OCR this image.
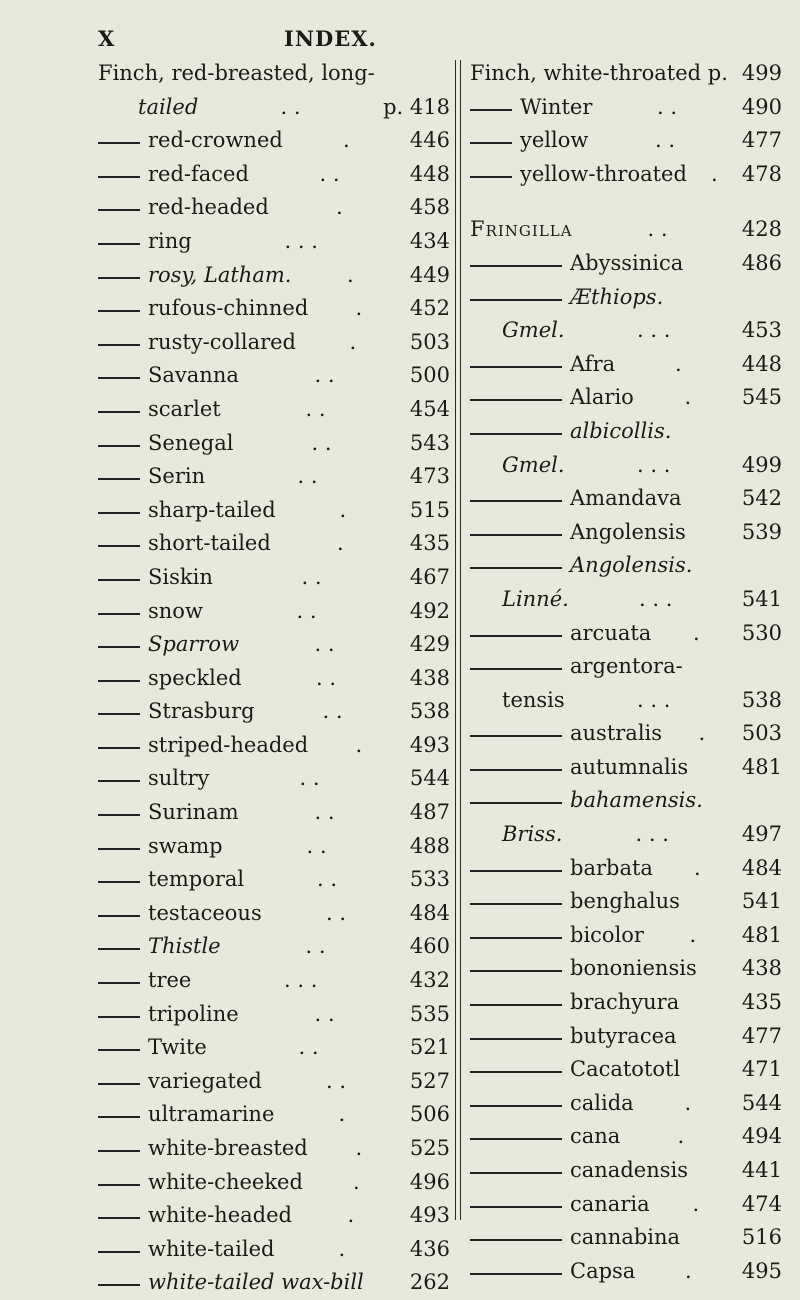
X	INDEX.
Finch, red-breasted, long-
tailed	. .	p. 418
red-crowned	.	446
red-faced	. .	448
red-headed	.	458
ring	. . .	434
rosy, Latham.	.	449
rufous-chinned . 452
rusty-collared	.	503
Savanna	. .	500
scarlet	. .	454
Senegal	. .	543
Serin	. .	473
sharp-tailed	.	515
short-tailed	.	435
Siskin	. .	467
snow	. .	492
Sparrow	. .	429
speckled	. .	438
Strasburg	. .	538
striped-headed . 493
sultry	. .	544
Surinam	. .	487
swamp	. .	488
temporal	. .	533
testaceous	. .	484
Thistle	. .	460
tree	. . .	432
tripoline	. .	535
Twite	. .	521
variegated	. .	527
ultramarine	.	506
white-breasted . 525
white-cheeked . 496
white-headed	.	493
white-tailed	.	436
white-tailed wax-bill 262
Finch, white-throated p. 499
Winter	. .	490
yellow	. .	477
yellow-throated . 478
Fringilla	. .	428
Abyssinica	486
Æthiops.
Gmel.	. . .	453
Afra	.	448
Alario . 545
albicollis.
Gmel.	. . .	499
Amandava	542
Angolensis	539
Angolensis.
Linné.	. . .	541
arcuata . 530
argentora-
tensis	. . .	538
australis . 503
autumnalis	481
bahamensis.
Briss.	. . .	497
barbata . 484
benghalus	541
bicolor . 481
bononiensis 438
brachyura	435
butyracea	477
Cacatototl	471
calida . 544
cana	.	494
canadensis	441
canaria . 474
cannabina	516
Capsa . 495
